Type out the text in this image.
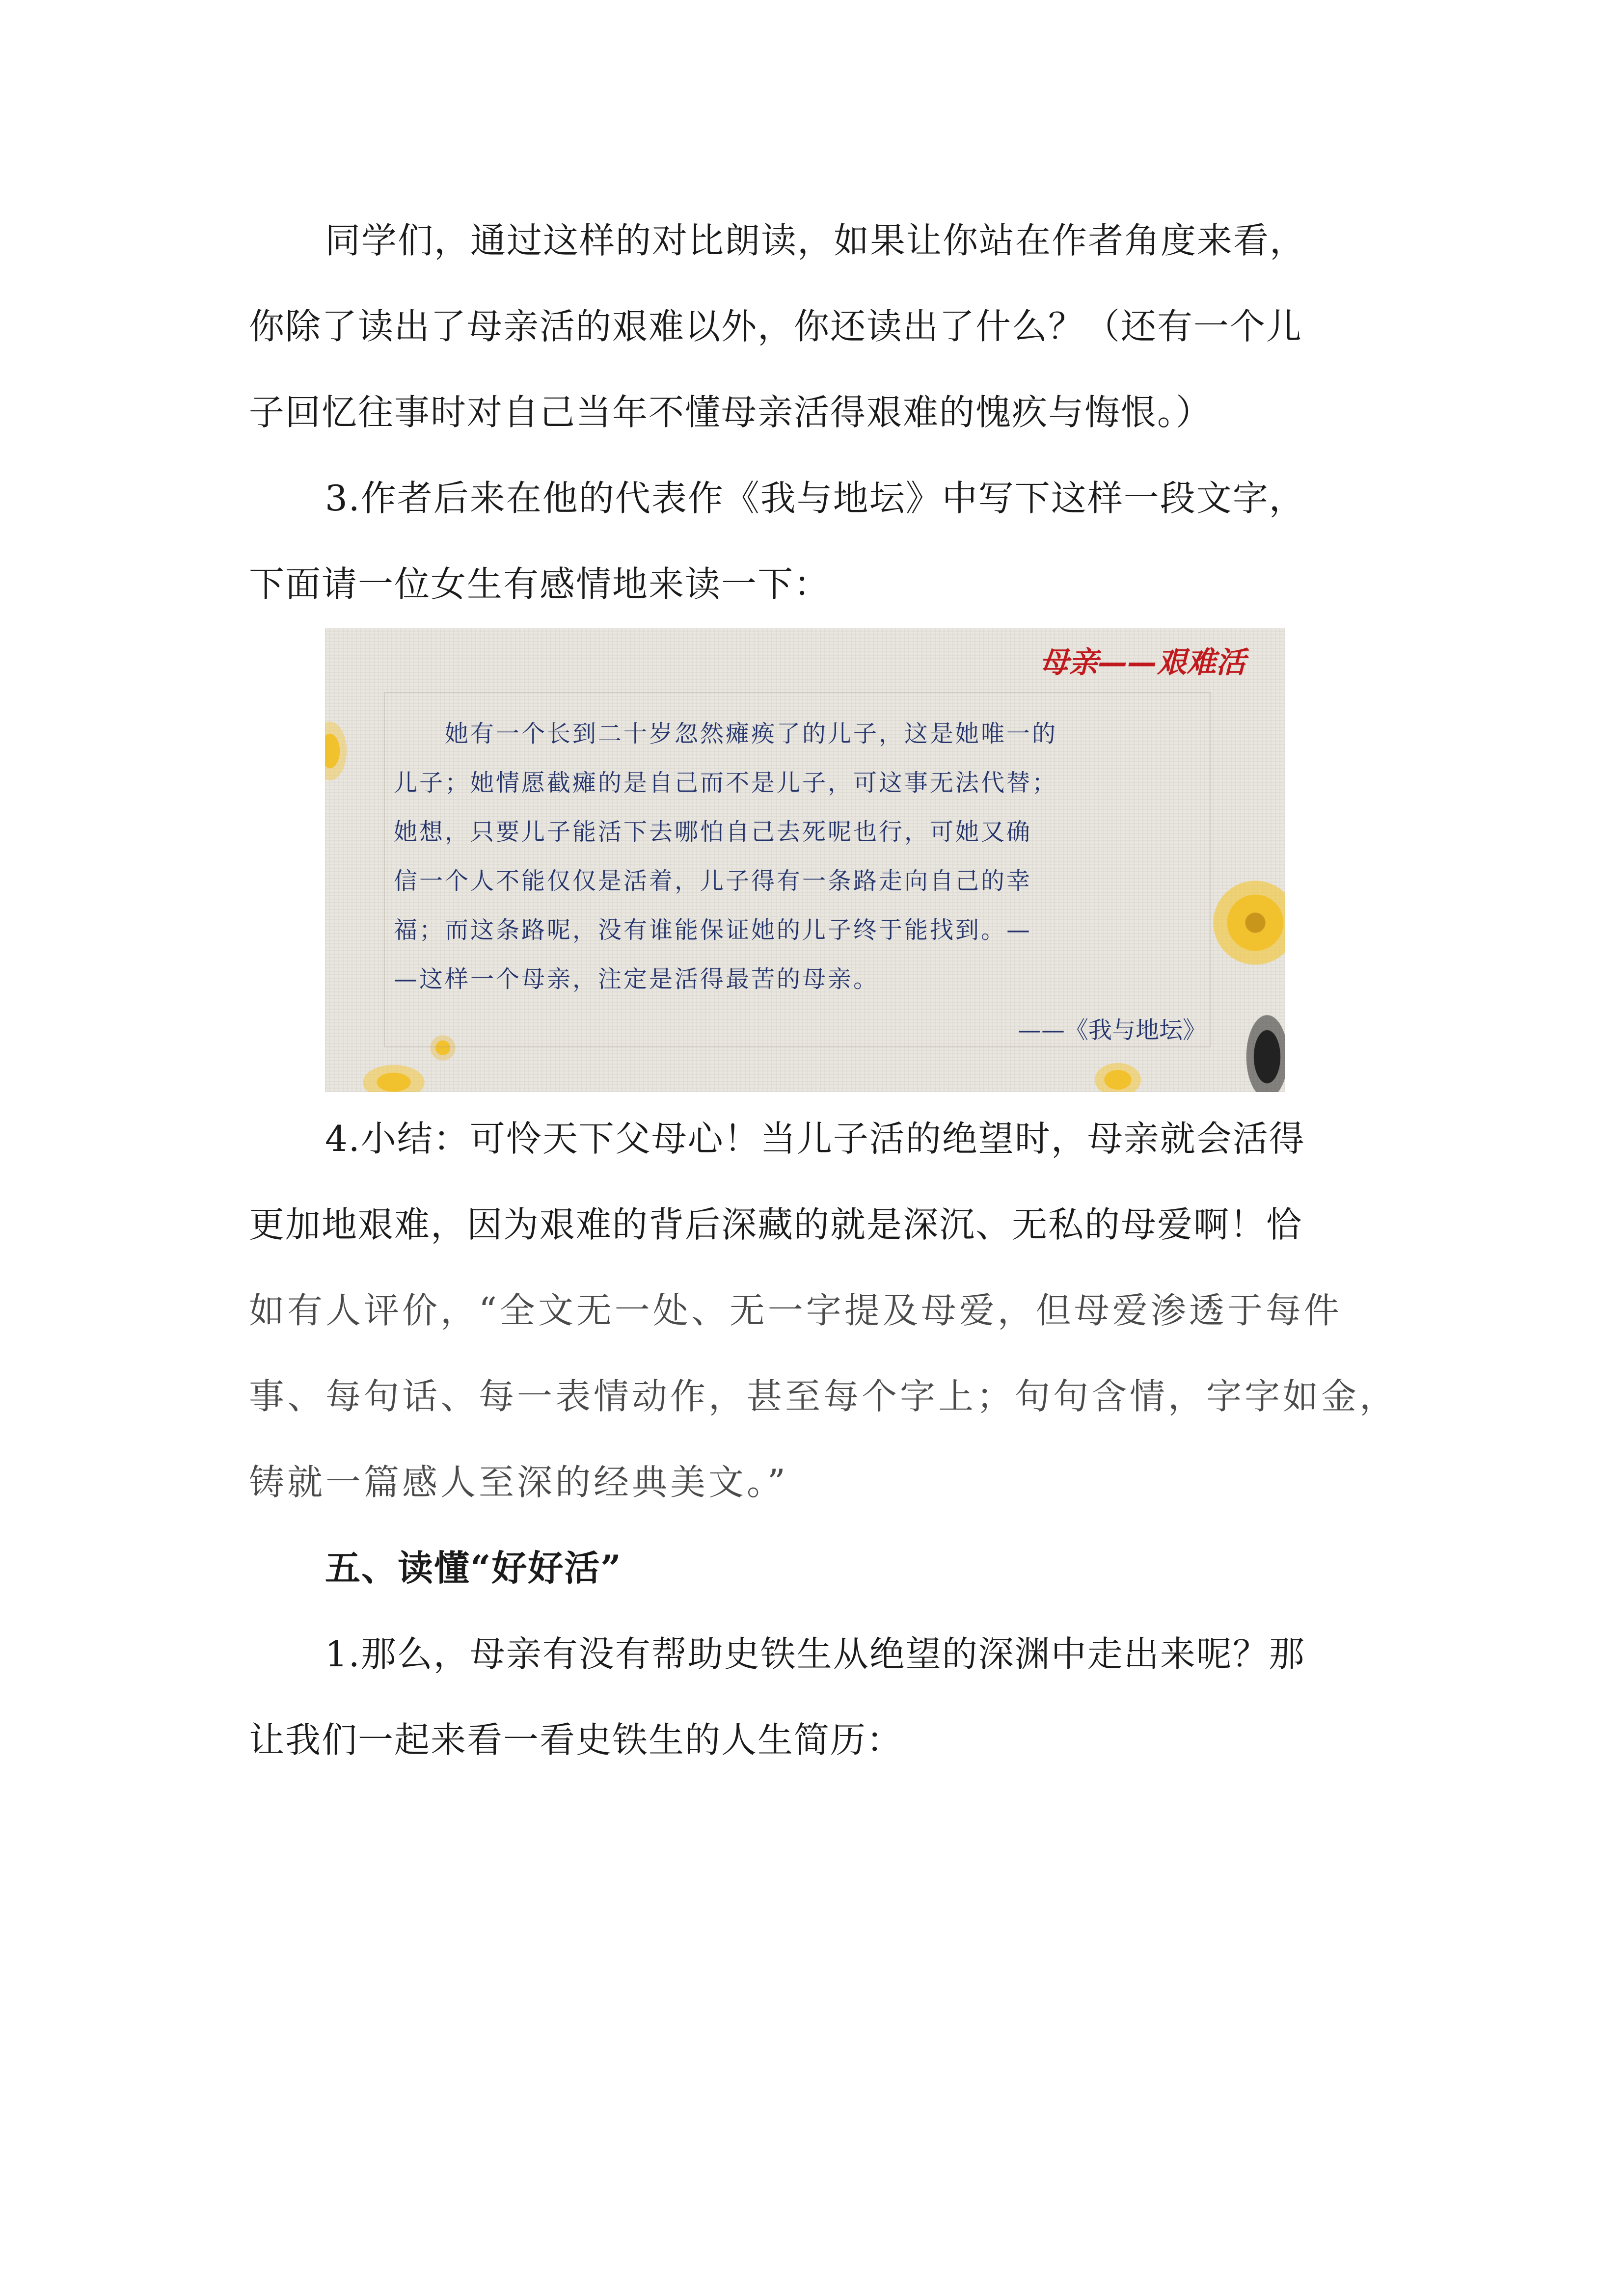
同学们，通过这样的对比朗读，如果让你站在作者角度来看，
你除了读出了母亲活的艰难以外，你还读出了什么？（还有一个儿
子回忆往事时对自己当年不懂母亲活得艰难的愧疚与悔恨。）
3.作者后来在他的代表作《我与地坛》中写下这样一段文字，
下面请一位女生有感情地来读一下：
母亲——艰难活
　　她有一个长到二十岁忽然瘫痪了的儿子，这是她唯一的
儿子；她情愿截瘫的是自己而不是儿子，可这事无法代替；
她想，只要儿子能活下去哪怕自己去死呢也行，可她又确
信一个人不能仅仅是活着，儿子得有一条路走向自己的幸
福；而这条路呢，没有谁能保证她的儿子终于能找到。—
—这样一个母亲，注定是活得最苦的母亲。
——《我与地坛》
4.小结：可怜天下父母心！当儿子活的绝望时，母亲就会活得
更加地艰难，因为艰难的背后深藏的就是深沉、无私的母爱啊！恰
如有人评价，“全文无一处、无一字提及母爱，但母爱渗透于每件
事、每句话、每一表情动作，甚至每个字上；句句含情，字字如金，
铸就一篇感人至深的经典美文。”
五、读懂“好好活”
1.那么，母亲有没有帮助史铁生从绝望的深渊中走出来呢？那
让我们一起来看一看史铁生的人生简历：
